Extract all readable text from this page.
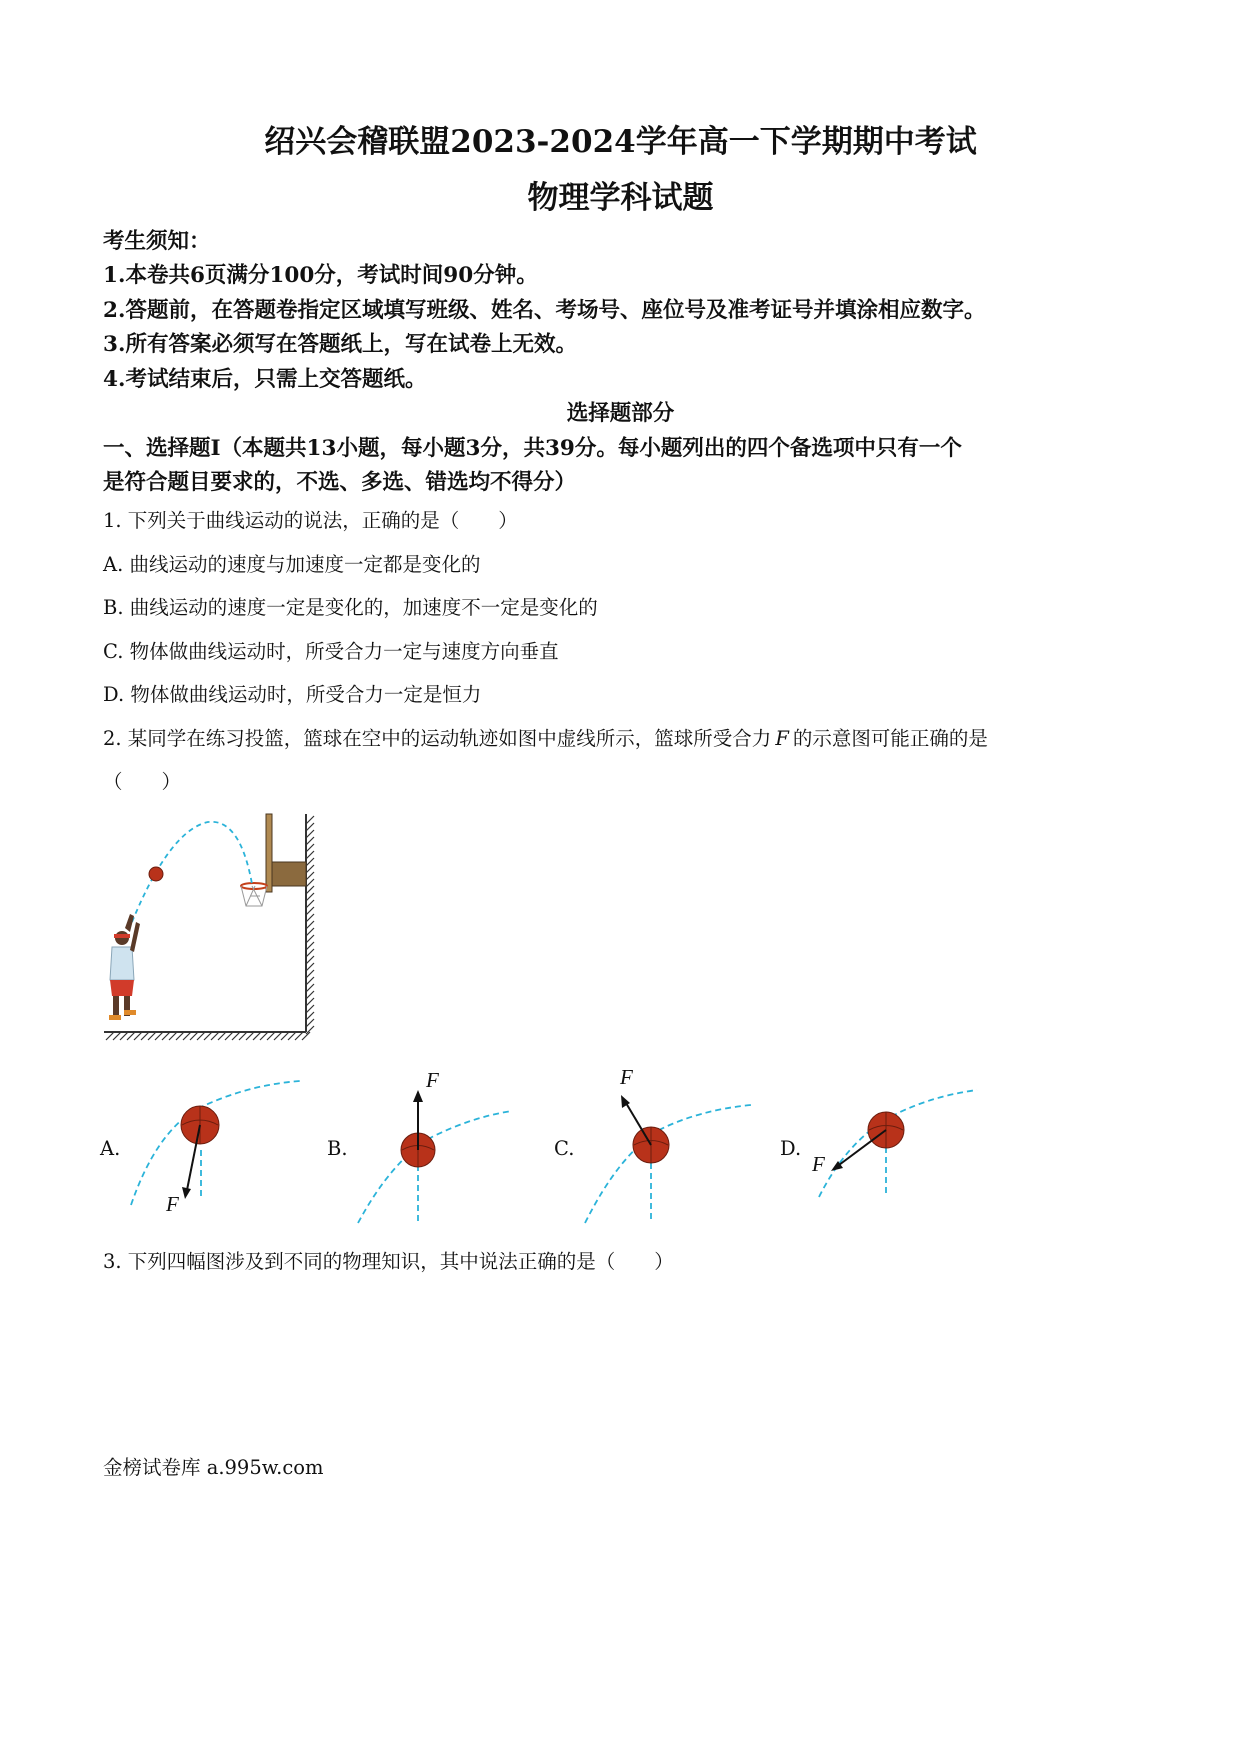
绍兴会稽联盟2023-2024学年高一下学期期中考试
物理学科试题
考生须知：
1.本卷共6页满分100分，考试时间90分钟。
2.答题前，在答题卷指定区域填写班级、姓名、考场号、座位号及准考证号并填涂相应数字。
3.所有答案必须写在答题纸上，写在试卷上无效。
4.考试结束后，只需上交答题纸。
选择题部分
一、选择题Ⅰ（本题共13小题，每小题3分，共39分。每小题列出的四个备选项中只有一个
是符合题目要求的，不选、多选、错选均不得分）
1. 下列关于曲线运动的说法，正确的是（　　）
A. 曲线运动的速度与加速度一定都是变化的
B. 曲线运动的速度一定是变化的，加速度不一定是变化的
C. 物体做曲线运动时，所受合力一定与速度方向垂直
D. 物体做曲线运动时，所受合力一定是恒力
2. 某同学在练习投篮，篮球在空中的运动轨迹如图中虚线所示，篮球所受合力 F 的示意图可能正确的是
（　　）
A.	B.	C.	D.
F
F	F
F
3. 下列四幅图涉及到不同的物理知识，其中说法正确的是（　　）
金榜试卷库 a.995w.com
